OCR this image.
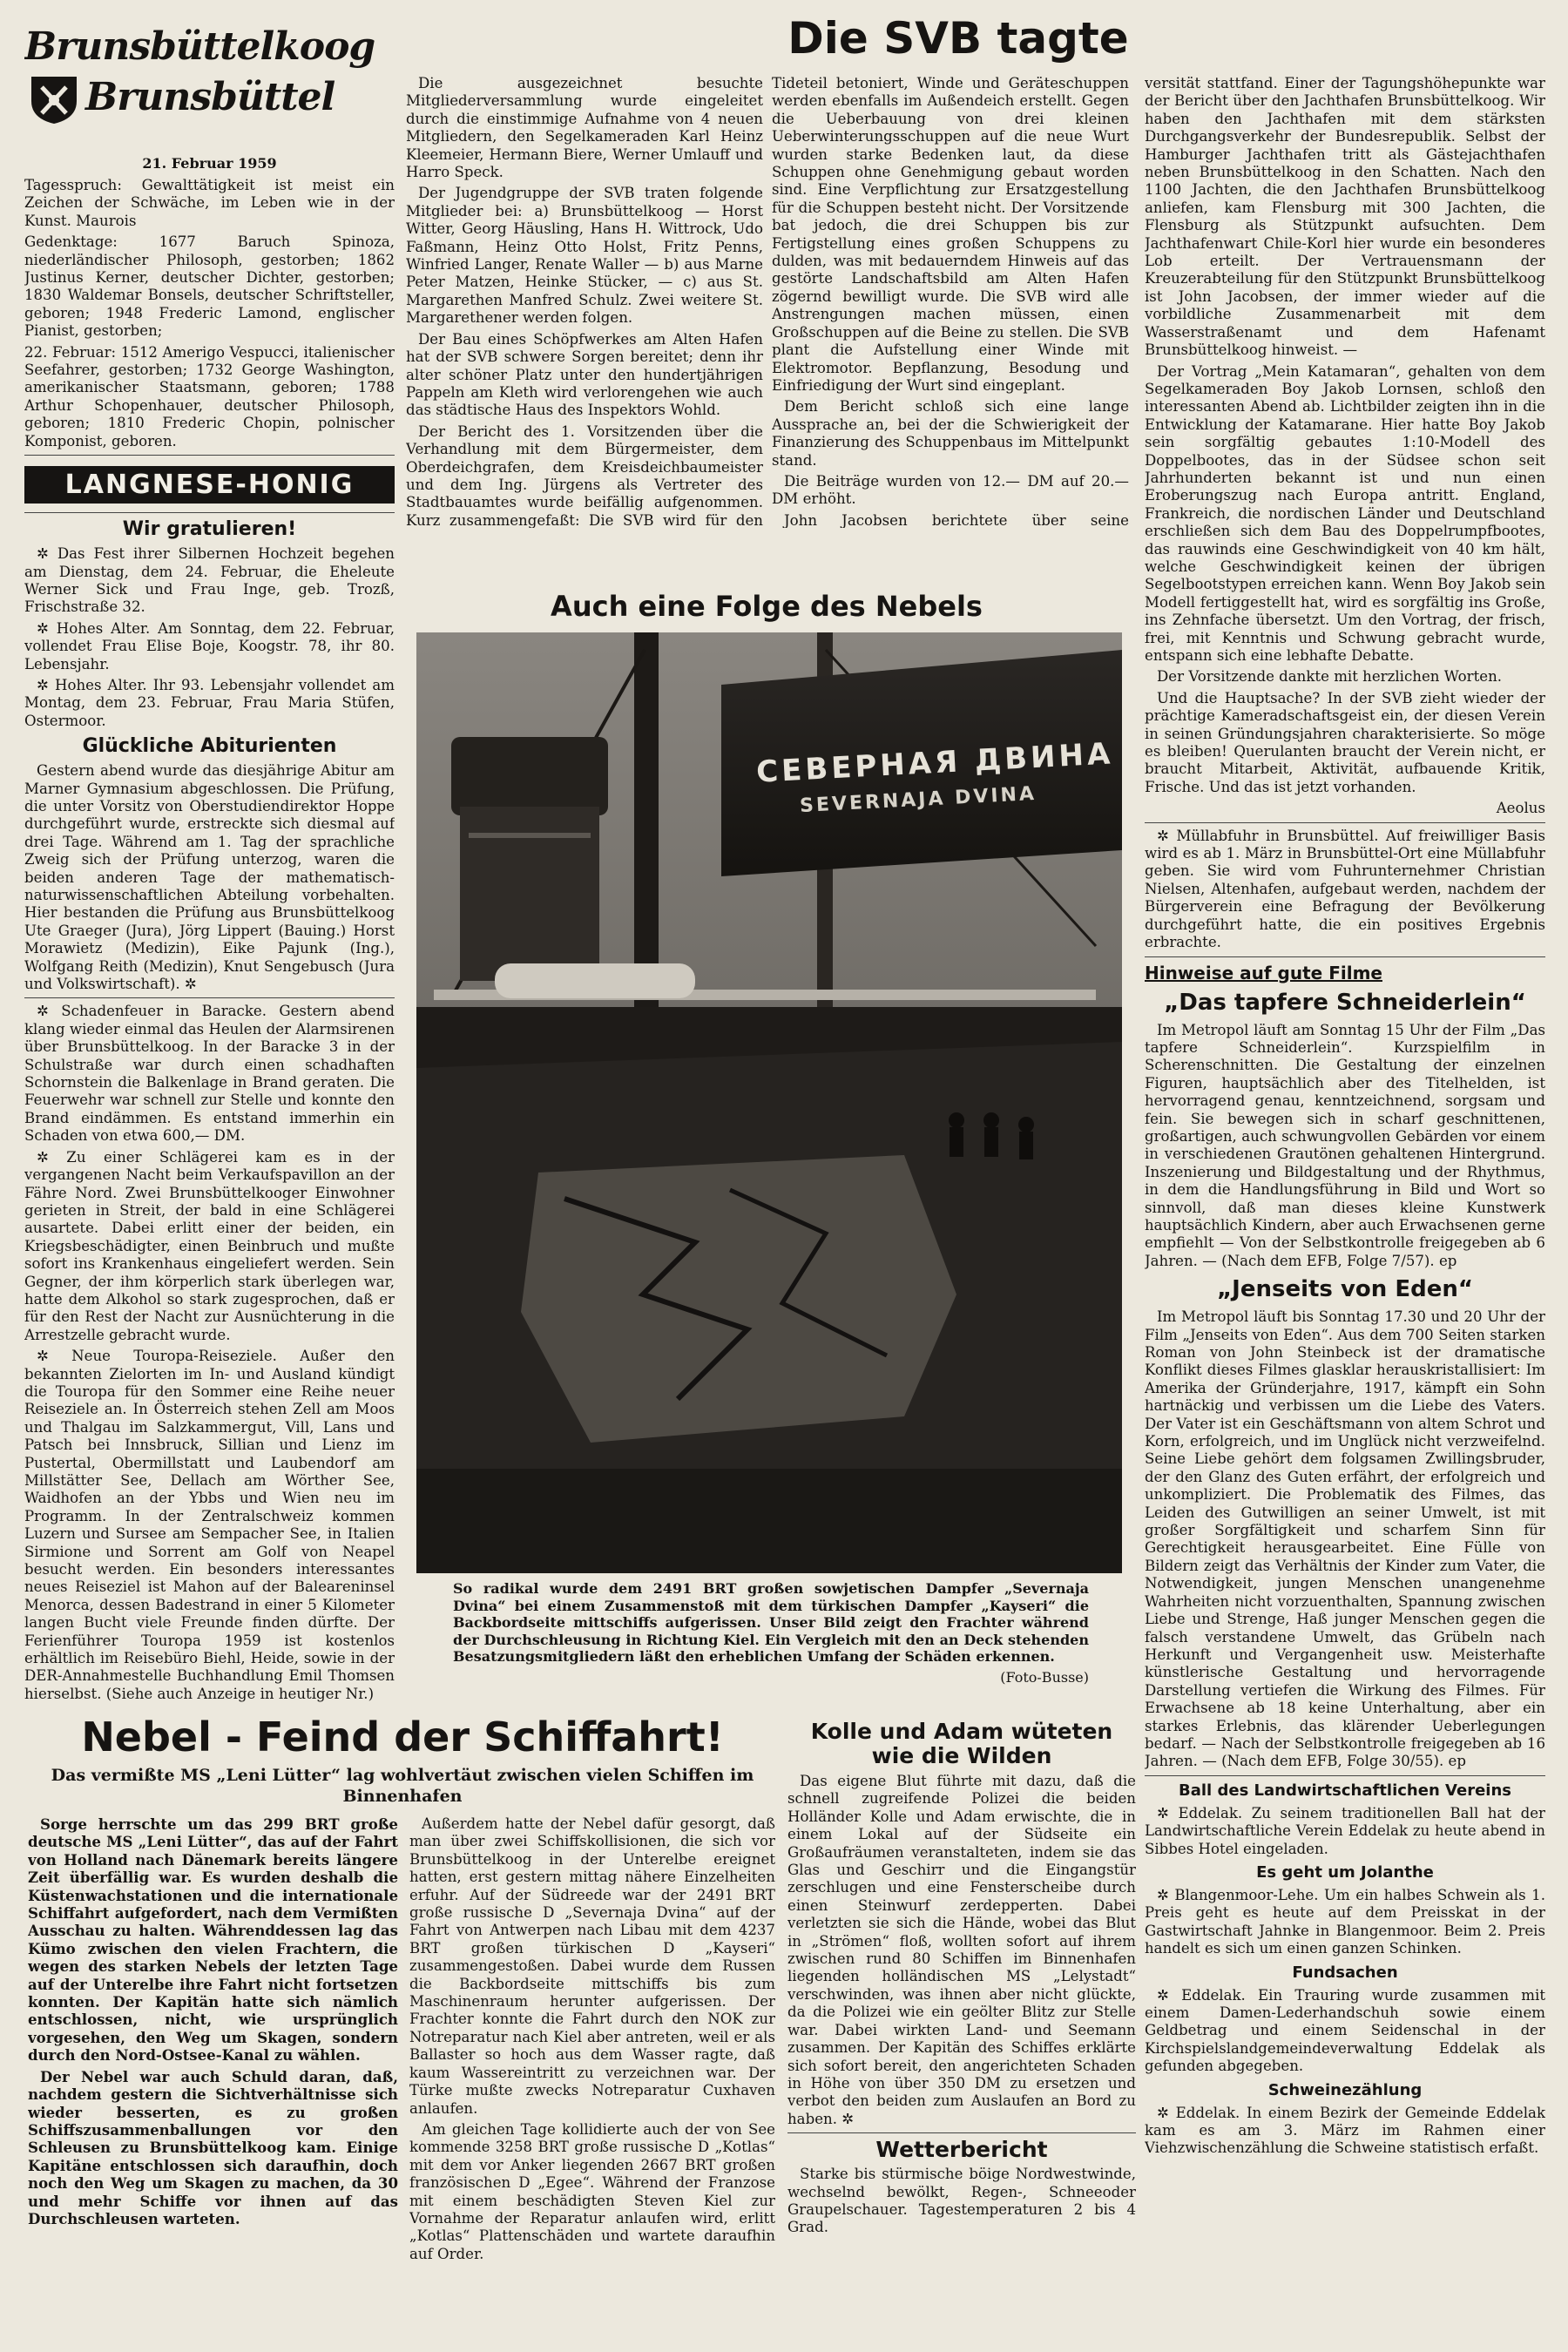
Brunsbüttelkoog
Brunsbüttel
21. Februar 1959

Tagesspruch: Gewalttätigkeit ist meist ein Zeichen der Schwäche, im Leben wie in der Kunst. Maurois

Gedenktage: 1677 Baruch Spinoza, niederländischer Philosoph, gestorben; 1862 Justinus Kerner, deutscher Dichter, gestorben; 1830 Waldemar Bonsels, deutscher Schriftsteller, geboren; 1948 Frederic Lamond, englischer Pianist, gestorben;

22. Februar: 1512 Amerigo Vespucci, italienischer Seefahrer, gestorben; 1732 George Washington, amerikanischer Staatsmann, geboren; 1788 Arthur Schopenhauer, deutscher Philosoph, geboren; 1810 Frederic Chopin, polnischer Komponist, geboren.

LANGNESE-HONIG
Wir gratulieren!

✲ Das Fest ihrer Silbernen Hochzeit begehen am Dienstag, dem 24. Februar, die Eheleute Werner Sick und Frau Inge, geb. Trozß, Frischstraße 32.

✲ Hohes Alter. Am Sonntag, dem 22. Februar, vollendet Frau Elise Boje, Koogstr. 78, ihr 80. Lebensjahr.

✲ Hohes Alter. Ihr 93. Lebensjahr vollendet am Montag, dem 23. Februar, Frau Maria Stüfen, Ostermoor.

Glückliche Abiturienten

Gestern abend wurde das diesjährige Abitur am Marner Gymnasium abgeschlossen. Die Prüfung, die unter Vorsitz von Oberstudiendirektor Hoppe durchgeführt wurde, erstreckte sich diesmal auf drei Tage. Während am 1. Tag der sprachliche Zweig sich der Prüfung unterzog, waren die beiden anderen Tage der mathematisch-naturwissenschaftlichen Abteilung vorbehalten. Hier bestanden die Prüfung aus Brunsbüttelkoog Ute Graeger (Jura), Jörg Lippert (Bauing.) Horst Morawietz (Medizin), Eike Pajunk (Ing.), Wolfgang Reith (Medizin), Knut Sengebusch (Jura und Volkswirtschaft). ✲

✲ Schadenfeuer in Baracke. Gestern abend klang wieder einmal das Heulen der Alarmsirenen über Brunsbüttelkoog. In der Baracke 3 in der Schulstraße war durch einen schadhaften Schornstein die Balkenlage in Brand geraten. Die Feuerwehr war schnell zur Stelle und konnte den Brand eindämmen. Es entstand immerhin ein Schaden von etwa 600,— DM.

✲ Zu einer Schlägerei kam es in der vergangenen Nacht beim Verkaufspavillon an der Fähre Nord. Zwei Brunsbüttelkooger Einwohner gerieten in Streit, der bald in eine Schlägerei ausartete. Dabei erlitt einer der beiden, ein Kriegsbeschädigter, einen Beinbruch und mußte sofort ins Krankenhaus eingeliefert werden. Sein Gegner, der ihm körperlich stark überlegen war, hatte dem Alkohol so stark zugesprochen, daß er für den Rest der Nacht zur Ausnüchterung in die Arrestzelle gebracht wurde.

✲ Neue Touropa-Reiseziele. Außer den bekannten Zielorten im In- und Ausland kündigt die Touropa für den Sommer eine Reihe neuer Reiseziele an. In Österreich stehen Zell am Moos und Thalgau im Salzkammergut, Vill, Lans und Patsch bei Innsbruck, Sillian und Lienz im Pustertal, Obermillstatt und Laubendorf am Millstätter See, Dellach am Wörther See, Waidhofen an der Ybbs und Wien neu im Programm. In der Zentralschweiz kommen Luzern und Sursee am Sempacher See, in Italien Sirmione und Sorrent am Golf von Neapel besucht werden. Ein besonders interessantes neues Reiseziel ist Mahon auf der Baleareninsel Menorca, dessen Badestrand in einer 5 Kilometer langen Bucht viele Freunde finden dürfte. Der Ferienführer Touropa 1959 ist kostenlos erhältlich im Reisebüro Biehl, Heide, sowie in der DER-Annahmestelle Buchhandlung Emil Thomsen hierselbst. (Siehe auch Anzeige in heutiger Nr.)

Die ausgezeichnet besuchte Mitgliederversammlung wurde eingeleitet durch die einstimmige Aufnahme von 4 neuen Mitgliedern, den Segelkameraden Karl Heinz Kleemeier, Hermann Biere, Werner Umlauff und Harro Speck.

Der Jugendgruppe der SVB traten folgende Mitglieder bei: a) Brunsbüttelkoog — Horst Witter, Georg Häusling, Hans H. Wittrock, Udo Faßmann, Heinz Otto Holst, Fritz Penns, Winfried Langer, Renate Waller — b) aus Marne Peter Matzen, Heinke Stücker, — c) aus St. Margarethen Manfred Schulz. Zwei weitere St. Margarethener werden folgen.

Der Bau eines Schöpfwerkes am Alten Hafen hat der SVB schwere Sorgen bereitet; denn ihr alter schöner Platz unter den hundertjährigen Pappeln am Kleth wird verlorengehen wie auch das städtische Haus des Inspektors Wohld.

Der Bericht des 1. Vorsitzenden über die Verhandlung mit dem Bürgermeister, dem Oberdeichgrafen, dem Kreisdeichbaumeister und dem Ing. Jürgens als Vertreter des Stadtbauamtes wurde beifällig aufgenommen. Kurz zusammengefaßt: Die SVB wird für den

Die SVB tagte

Tideteil betoniert, Winde und Geräteschuppen werden ebenfalls im Außendeich erstellt. Gegen die Ueberbauung von drei kleinen Ueberwinterungsschuppen auf die neue Wurt wurden starke Bedenken laut, da diese Schuppen ohne Genehmigung gebaut worden sind. Eine Verpflichtung zur Ersatzgestellung für die Schuppen besteht nicht. Der Vorsitzende bat jedoch, die drei Schuppen bis zur Fertigstellung eines großen Schuppens zu dulden, was mit bedauerndem Hinweis auf das gestörte Landschaftsbild am Alten Hafen zögernd bewilligt wurde. Die SVB wird alle Anstrengungen machen müssen, einen Großschuppen auf die Beine zu stellen. Die SVB plant die Aufstellung einer Winde mit Elektromotor. Bepflanzung, Besodung und Einfriedigung der Wurt sind eingeplant.

Dem Bericht schloß sich eine lange Aussprache an, bei der die Schwierigkeit der Finanzierung des Schuppenbaus im Mittelpunkt stand.

Die Beiträge wurden von 12.— DM auf 20.— DM erhöht.

John Jacobsen berichtete über seine

versität stattfand. Einer der Tagungshöhepunkte war der Bericht über den Jachthafen Brunsbüttelkoog. Wir haben den Jachthafen mit dem stärksten Durchgangsverkehr der Bundesrepublik. Selbst der Hamburger Jachthafen tritt als Gästejachthafen neben Brunsbüttelkoog in den Schatten. Nach den 1100 Jachten, die den Jachthafen Brunsbüttelkoog anliefen, kam Flensburg mit 300 Jachten, die Flensburg als Stützpunkt aufsuchten. Dem Jachthafenwart Chile-Korl hier wurde ein besonderes Lob erteilt. Der Vertrauensmann der Kreuzerabteilung für den Stützpunkt Brunsbüttelkoog ist John Jacobsen, der immer wieder auf die vorbildliche Zusammenarbeit mit dem Wasserstraßenamt und dem Hafenamt Brunsbüttelkoog hinweist. —

Der Vortrag „Mein Katamaran“, gehalten von dem Segelkameraden Boy Jakob Lornsen, schloß den interessanten Abend ab. Lichtbilder zeigten ihn in die Entwicklung der Katamarane. Hier hatte Boy Jakob sein sorgfältig gebautes 1:10-Modell des Doppelbootes, das in der Südsee schon seit Jahrhunderten bekannt ist und nun einen Eroberungszug nach Europa antritt. England, Frankreich, die nordischen Länder und Deutschland erschließen sich dem Bau des Doppelrumpfbootes, das rauwinds eine Geschwindigkeit von 40 km hält, welche Geschwindigkeit keinen der übrigen Segelbootstypen erreichen kann. Wenn Boy Jakob sein Modell fertiggestellt hat, wird es sorgfältig ins Große, ins Zehnfache übersetzt. Um den Vortrag, der frisch, frei, mit Kenntnis und Schwung gebracht wurde, entspann sich eine lebhafte Debatte.

Der Vorsitzende dankte mit herzlichen Worten.

Und die Hauptsache? In der SVB zieht wieder der prächtige Kameradschaftsgeist ein, der diesen Verein in seinen Gründungsjahren charakterisierte. So möge es bleiben! Querulanten braucht der Verein nicht, er braucht Mitarbeit, Aktivität, aufbauende Kritik, Frische. Und das ist jetzt vorhanden.

Aeolus

✲ Müllabfuhr in Brunsbüttel. Auf freiwilliger Basis wird es ab 1. März in Brunsbüttel-Ort eine Müllabfuhr geben. Sie wird vom Fuhrunternehmer Christian Nielsen, Altenhafen, aufgebaut werden, nachdem der Bürgerverein eine Befragung der Bevölkerung durchgeführt hatte, die ein positives Ergebnis erbrachte.

Hinweise auf gute Filme
„Das tapfere Schneiderlein“

Im Metropol läuft am Sonntag 15 Uhr der Film „Das tapfere Schneiderlein“. Kurzspielfilm in Scherenschnitten. Die Gestaltung der einzelnen Figuren, hauptsächlich aber des Titelhelden, ist hervorragend genau, kenntzeichnend, sorgsam und fein. Sie bewegen sich in scharf geschnittenen, großartigen, auch schwungvollen Gebärden vor einem in verschiedenen Grautönen gehaltenen Hintergrund. Inszenierung und Bildgestaltung und der Rhythmus, in dem die Handlungsführung in Bild und Wort so sinnvoll, daß man dieses kleine Kunstwerk hauptsächlich Kindern, aber auch Erwachsenen gerne empfiehlt — Von der Selbstkontrolle freigegeben ab 6 Jahren. — (Nach dem EFB, Folge 7/57). ep

„Jenseits von Eden“

Im Metropol läuft bis Sonntag 17.30 und 20 Uhr der Film „Jenseits von Eden“. Aus dem 700 Seiten starken Roman von John Steinbeck ist der dramatische Konflikt dieses Filmes glasklar herauskristallisiert: Im Amerika der Gründerjahre, 1917, kämpft ein Sohn hartnäckig und verbissen um die Liebe des Vaters. Der Vater ist ein Geschäftsmann von altem Schrot und Korn, erfolgreich, und im Unglück nicht verzweifelnd. Seine Liebe gehört dem folgsamen Zwillingsbruder, der den Glanz des Guten erfährt, der erfolgreich und unkompliziert. Die Problematik des Filmes, das Leiden des Gutwilligen an seiner Umwelt, ist mit großer Sorgfältigkeit und scharfem Sinn für Gerechtigkeit herausgearbeitet. Eine Fülle von Bildern zeigt das Verhältnis der Kinder zum Vater, die Notwendigkeit, jungen Menschen unangenehme Wahrheiten nicht vorzuenthalten, Spannung zwischen Liebe und Strenge, Haß junger Menschen gegen die falsch verstandene Umwelt, das Grübeln nach Herkunft und Vergangenheit usw. Meisterhafte künstlerische Gestaltung und hervorragende Darstellung vertiefen die Wirkung des Filmes. Für Erwachsene ab 18 keine Unterhaltung, aber ein starkes Erlebnis, das klärender Ueberlegungen bedarf. — Nach der Selbstkontrolle freigegeben ab 16 Jahren. — (Nach dem EFB, Folge 30/55). ep

Ball des Landwirtschaftlichen Vereins

✲ Eddelak. Zu seinem traditionellen Ball hat der Landwirtschaftliche Verein Eddelak zu heute abend in Sibbes Hotel eingeladen.

Es geht um Jolanthe

✲ Blangenmoor-Lehe. Um ein halbes Schwein als 1. Preis geht es heute auf dem Preisskat in der Gastwirtschaft Jahnke in Blangenmoor. Beim 2. Preis handelt es sich um einen ganzen Schinken.

Fundsachen

✲ Eddelak. Ein Trauring wurde zusammen mit einem Damen-Lederhandschuh sowie einem Geldbetrag und einem Seidenschal in der Kirchspielslandgemeindeverwaltung Eddelak als gefunden abgegeben.

Schweinezählung

✲ Eddelak. In einem Bezirk der Gemeinde Eddelak kam es am 3. März im Rahmen einer Viehzwischenzählung die Schweine statistisch erfaßt.

Auch eine Folge des Nebels
СЕВЕРНАЯ ДВИНА
SEVERNAJA DVINA

So radikal wurde dem 2491 BRT großen sowjetischen Dampfer „Severnaja Dvina“ bei einem Zusammenstoß mit dem türkischen Dampfer „Kayseri“ die Backbordseite mittschiffs aufgerissen. Unser Bild zeigt den Frachter während der Durchschleusung in Richtung Kiel. Ein Vergleich mit den an Deck stehenden Besatzungsmitgliedern läßt den erheblichen Umfang der Schäden erkennen.

(Foto-Busse)

Nebel - Feind der Schiffahrt!
Das vermißte MS „Leni Lütter“ lag wohlvertäut zwischen vielen Schiffen im Binnenhafen

Sorge herrschte um das 299 BRT große deutsche MS „Leni Lütter“, das auf der Fahrt von Holland nach Dänemark bereits längere Zeit überfällig war. Es wurden deshalb die Küstenwachstationen und die internationale Schiffahrt aufgefordert, nach dem Vermißten Ausschau zu halten. Währenddessen lag das Kümo zwischen den vielen Frachtern, die wegen des starken Nebels der letzten Tage auf der Unterelbe ihre Fahrt nicht fortsetzen konnten. Der Kapitän hatte sich nämlich entschlossen, nicht, wie ursprünglich vorgesehen, den Weg um Skagen, sondern durch den Nord-Ostsee-Kanal zu wählen.

Der Nebel war auch Schuld daran, daß, nachdem gestern die Sichtverhältnisse sich wieder besserten, es zu großen Schiffszusammenballungen vor den Schleusen zu Brunsbüttelkoog kam. Einige Kapitäne entschlossen sich daraufhin, doch noch den Weg um Skagen zu machen, da 30 und mehr Schiffe vor ihnen auf das Durchschleusen warteten.

Außerdem hatte der Nebel dafür gesorgt, daß man über zwei Schiffskollisionen, die sich vor Brunsbüttelkoog in der Unterelbe ereignet hatten, erst gestern mittag nähere Einzelheiten erfuhr. Auf der Südreede war der 2491 BRT große russische D „Severnaja Dvina“ auf der Fahrt von Antwerpen nach Libau mit dem 4237 BRT großen türkischen D „Kayseri“ zusammengestoßen. Dabei wurde dem Russen die Backbordseite mittschiffs bis zum Maschinenraum herunter aufgerissen. Der Frachter konnte die Fahrt durch den NOK zur Notreparatur nach Kiel aber antreten, weil er als Ballaster so hoch aus dem Wasser ragte, daß kaum Wassereintritt zu verzeichnen war. Der Türke mußte zwecks Notreparatur Cuxhaven anlaufen.

Am gleichen Tage kollidierte auch der von See kommende 3258 BRT große russische D „Kotlas“ mit dem vor Anker liegenden 2667 BRT großen französischen D „Egee“. Während der Franzose mit einem beschädigten Steven Kiel zur Vornahme der Reparatur anlaufen wird, erlitt „Kotlas“ Plattenschäden und wartete daraufhin auf Order.

Kolle und Adam wüteten wie die Wilden

Das eigene Blut führte mit dazu, daß die schnell zugreifende Polizei die beiden Holländer Kolle und Adam erwischte, die in einem Lokal auf der Südseite ein Großaufräumen veranstalteten, indem sie das Glas und Geschirr und die Eingangstür zerschlugen und eine Fensterscheibe durch einen Steinwurf zerdepperten. Dabei verletzten sie sich die Hände, wobei das Blut in „Strömen“ floß, wollten sofort auf ihrem zwischen rund 80 Schiffen im Binnenhafen liegenden holländischen MS „Lelystadt“ verschwinden, was ihnen aber nicht glückte, da die Polizei wie ein geölter Blitz zur Stelle war. Dabei wirkten Land- und Seemann zusammen. Der Kapitän des Schiffes erklärte sich sofort bereit, den angerichteten Schaden in Höhe von über 350 DM zu ersetzen und verbot den beiden zum Auslaufen an Bord zu haben. ✲

Wetterbericht

Starke bis stürmische böige Nordwestwinde, wechselnd bewölkt, Regen-, Schneeoder Graupelschauer. Tagestemperaturen 2 bis 4 Grad.
